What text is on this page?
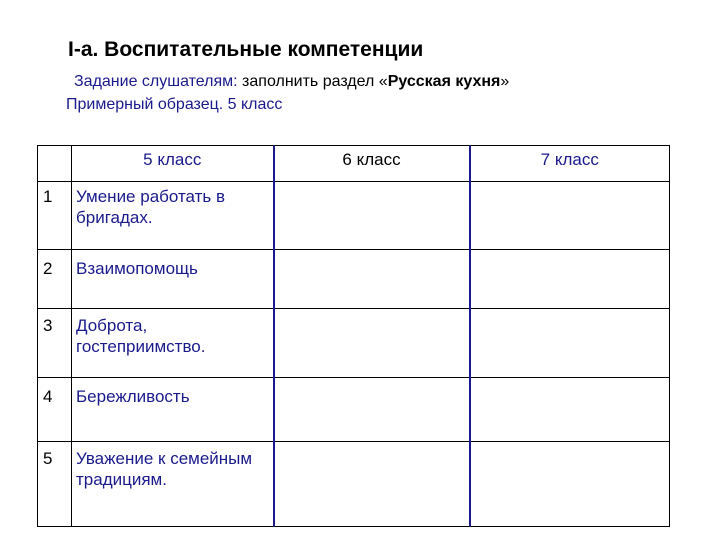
I-а. Воспитательные компетенции
Задание слушателям: заполнить раздел «Русская кухня»
Примерный образец. 5 класс
	5 класс	6 класс	7 класс
1	Умение работать в бригадах.		
2	Взаимопомощь		
3	Доброта, гостеприимство.		
4	Бережливость		
5	Уважение к семейным традициям.		
